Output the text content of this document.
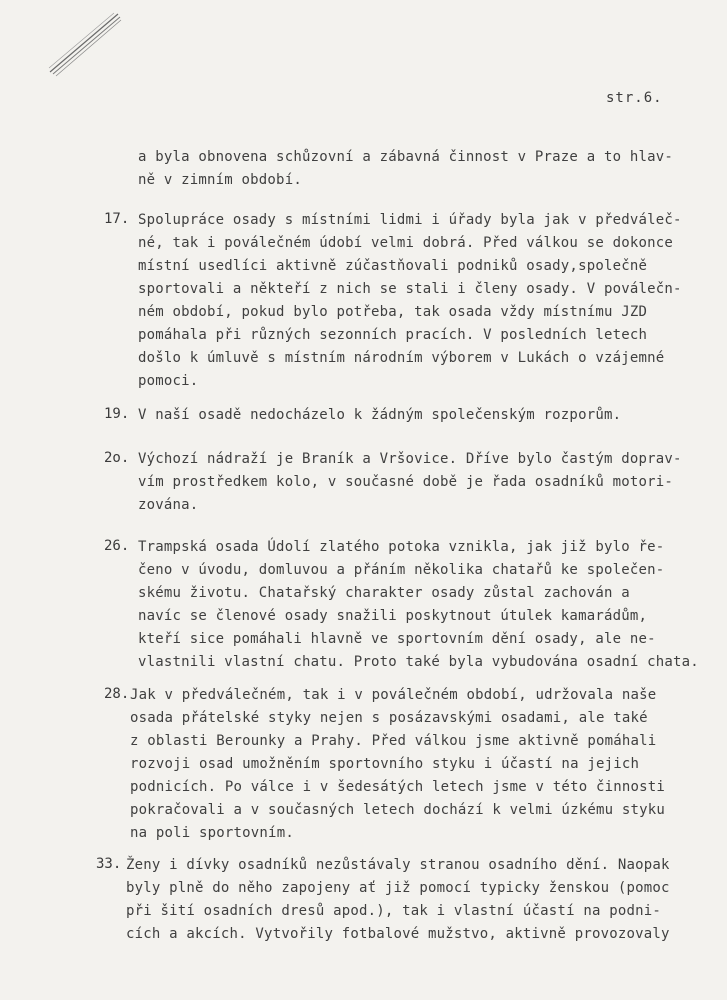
str.6.
a byla obnovena schůzovní a zábavná činnost v Praze a to hlav-
ně v zimním období.
17. Spolupráce osady s místními lidmi i úřady byla jak v předváleč-
né, tak i poválečném údobí velmi dobrá. Před válkou se dokonce
místní usedlíci aktivně zúčastňovali podniků osady,společně
sportovali a někteří z nich se stali i členy osady. V poválečn-
ném období, pokud bylo potřeba, tak osada vždy místnímu JZD
pomáhala při různých sezonních pracích. V posledních letech
došlo k úmluvě s místním národním výborem v Lukách o vzájemné
pomoci.
19. V naší osadě nedocházelo k žádným společenským rozporům.
2o. Výchozí nádraží je Braník a Vršovice. Dříve bylo častým doprav-
vím prostředkem kolo, v současné době je řada osadníků motori-
zována.
26. Trampská osada Údolí zlatého potoka vznikla, jak již bylo ře-
čeno v úvodu, domluvou a přáním několika chatařů ke společen-
skému životu. Chatařský charakter osady zůstal zachován a
navíc se členové osady snažili poskytnout útulek kamarádům,
kteří sice pomáhali hlavně ve sportovním dění osady, ale ne-
vlastnili vlastní chatu. Proto také byla vybudována osadní chata.
28. Jak v předválečném, tak i v poválečném období, udržovala naše
osada přátelské styky nejen s posázavskými osadami, ale také
z oblasti Berounky a Prahy. Před válkou jsme aktivně pomáhali
rozvoji osad umožněním sportovního styku i účastí na jejich
podnicích. Po válce i v šedesátých letech jsme v této činnosti
pokračovali a v současných letech dochází k velmi úzkému styku
na poli sportovním.
33. Ženy i dívky osadníků nezůstávaly stranou osadního dění. Naopak
byly plně do něho zapojeny ať již pomocí typicky ženskou (pomoc
při šití osadních dresů apod.), tak i vlastní účastí na podni-
cích a akcích. Vytvořily fotbalové mužstvo, aktivně provozovaly
